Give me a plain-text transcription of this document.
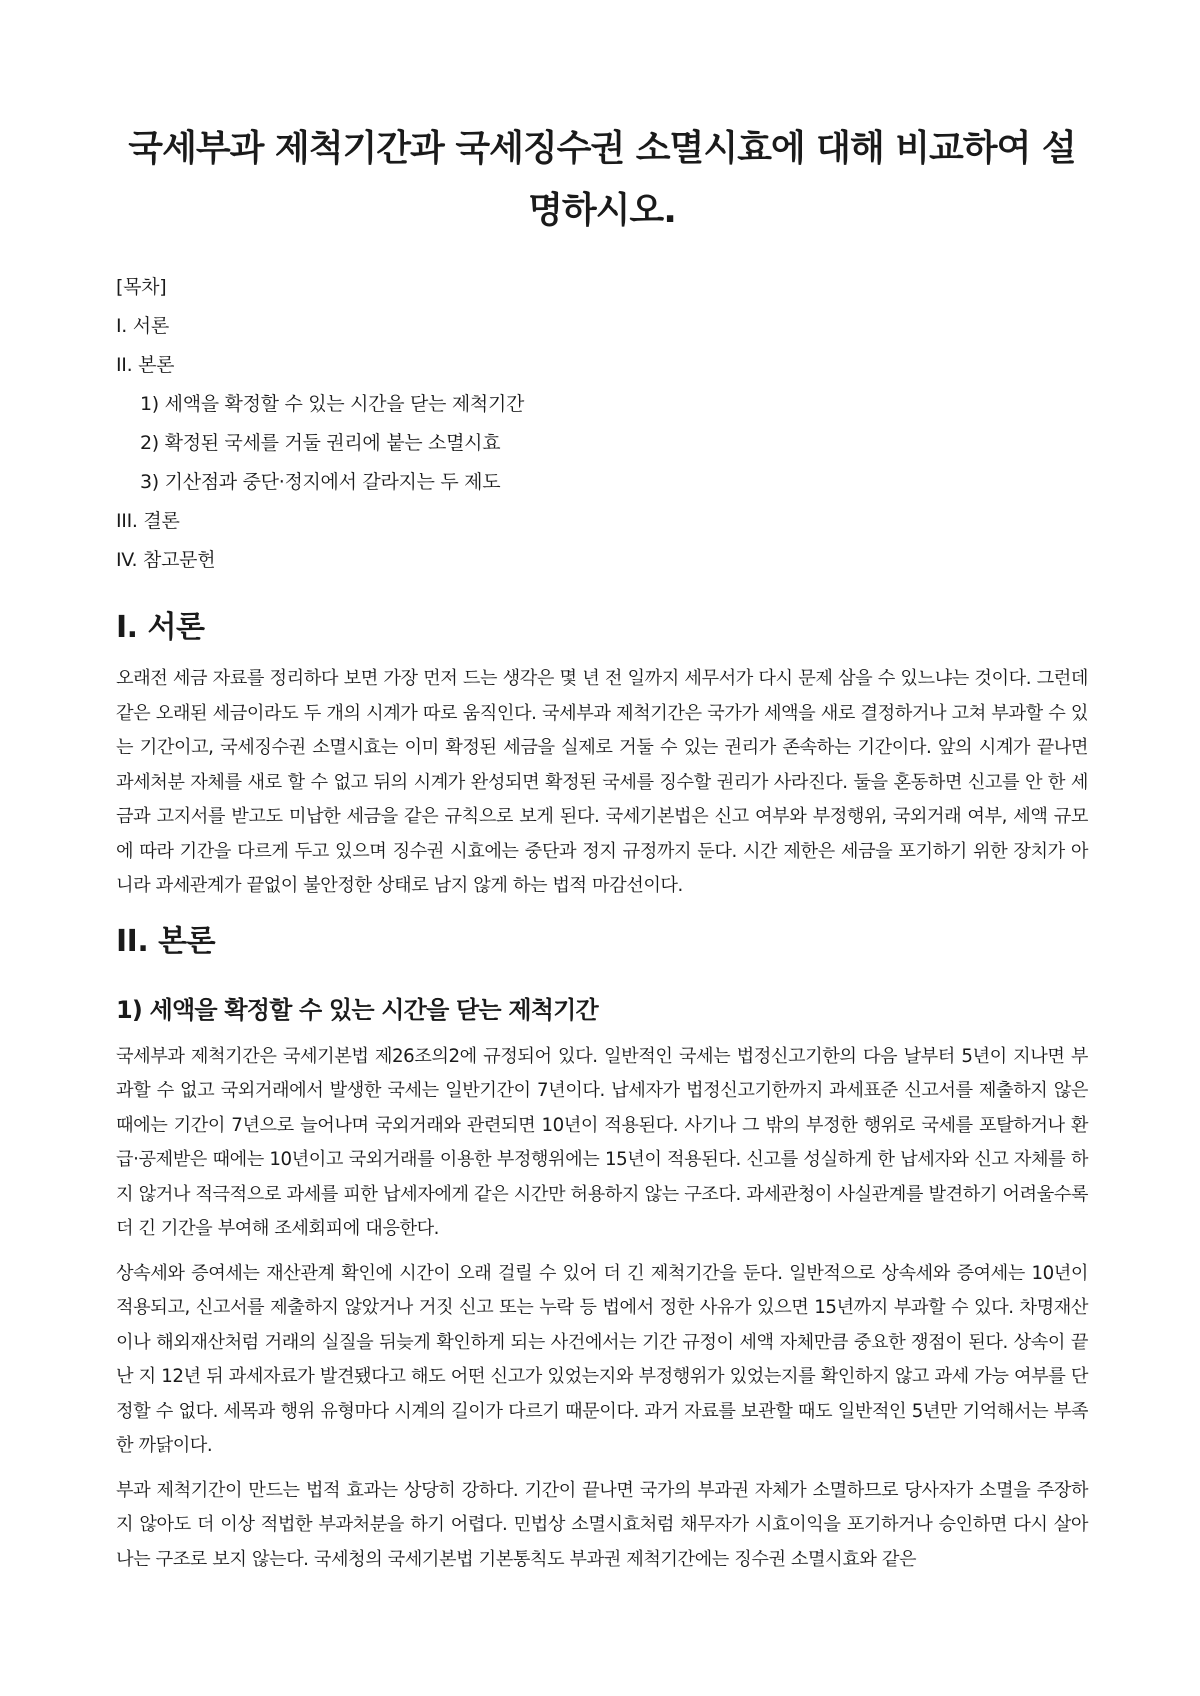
국세부과 제척기간과 국세징수권 소멸시효에 대해 비교하여 설명하시오.

[목차]

I. 서론

II. 본론

1) 세액을 확정할 수 있는 시간을 닫는 제척기간

2) 확정된 국세를 거둘 권리에 붙는 소멸시효

3) 기산점과 중단·정지에서 갈라지는 두 제도

III. 결론

IV. 참고문헌

I. 서론

오래전 세금 자료를 정리하다 보면 가장 먼저 드는 생각은 몇 년 전 일까지 세무서가 다시 문제 삼을 수 있느냐는 것이다. 그런데 같은 오래된 세금이라도 두 개의 시계가 따로 움직인다. 국세부과 제척기간은 국가가 세액을 새로 결정하거나 고쳐 부과할 수 있는 기간이고, 국세징수권 소멸시효는 이미 확정된 세금을 실제로 거둘 수 있는 권리가 존속하는 기간이다. 앞의 시계가 끝나면 과세처분 자체를 새로 할 수 없고 뒤의 시계가 완성되면 확정된 국세를 징수할 권리가 사라진다. 둘을 혼동하면 신고를 안 한 세금과 고지서를 받고도 미납한 세금을 같은 규칙으로 보게 된다. 국세기본법은 신고 여부와 부정행위, 국외거래 여부, 세액 규모에 따라 기간을 다르게 두고 있으며 징수권 시효에는 중단과 정지 규정까지 둔다. 시간 제한은 세금을 포기하기 위한 장치가 아니라 과세관계가 끝없이 불안정한 상태로 남지 않게 하는 법적 마감선이다.

II. 본론
1) 세액을 확정할 수 있는 시간을 닫는 제척기간

국세부과 제척기간은 국세기본법 제26조의2에 규정되어 있다. 일반적인 국세는 법정신고기한의 다음 날부터 5년이 지나면 부과할 수 없고 국외거래에서 발생한 국세는 일반기간이 7년이다. 납세자가 법정신고기한까지 과세표준 신고서를 제출하지 않은 때에는 기간이 7년으로 늘어나며 국외거래와 관련되면 10년이 적용된다. 사기나 그 밖의 부정한 행위로 국세를 포탈하거나 환급·공제받은 때에는 10년이고 국외거래를 이용한 부정행위에는 15년이 적용된다. 신고를 성실하게 한 납세자와 신고 자체를 하지 않거나 적극적으로 과세를 피한 납세자에게 같은 시간만 허용하지 않는 구조다. 과세관청이 사실관계를 발견하기 어려울수록 더 긴 기간을 부여해 조세회피에 대응한다.

상속세와 증여세는 재산관계 확인에 시간이 오래 걸릴 수 있어 더 긴 제척기간을 둔다. 일반적으로 상속세와 증여세는 10년이 적용되고, 신고서를 제출하지 않았거나 거짓 신고 또는 누락 등 법에서 정한 사유가 있으면 15년까지 부과할 수 있다. 차명재산이나 해외재산처럼 거래의 실질을 뒤늦게 확인하게 되는 사건에서는 기간 규정이 세액 자체만큼 중요한 쟁점이 된다. 상속이 끝난 지 12년 뒤 과세자료가 발견됐다고 해도 어떤 신고가 있었는지와 부정행위가 있었는지를 확인하지 않고 과세 가능 여부를 단정할 수 없다. 세목과 행위 유형마다 시계의 길이가 다르기 때문이다. 과거 자료를 보관할 때도 일반적인 5년만 기억해서는 부족한 까닭이다.

부과 제척기간이 만드는 법적 효과는 상당히 강하다. 기간이 끝나면 국가의 부과권 자체가 소멸하므로 당사자가 소멸을 주장하지 않아도 더 이상 적법한 부과처분을 하기 어렵다. 민법상 소멸시효처럼 채무자가 시효이익을 포기하거나 승인하면 다시 살아나는 구조로 보지 않는다. 국세청의 국세기본법 기본통칙도 부과권 제척기간에는 징수권 소멸시효와 같은
